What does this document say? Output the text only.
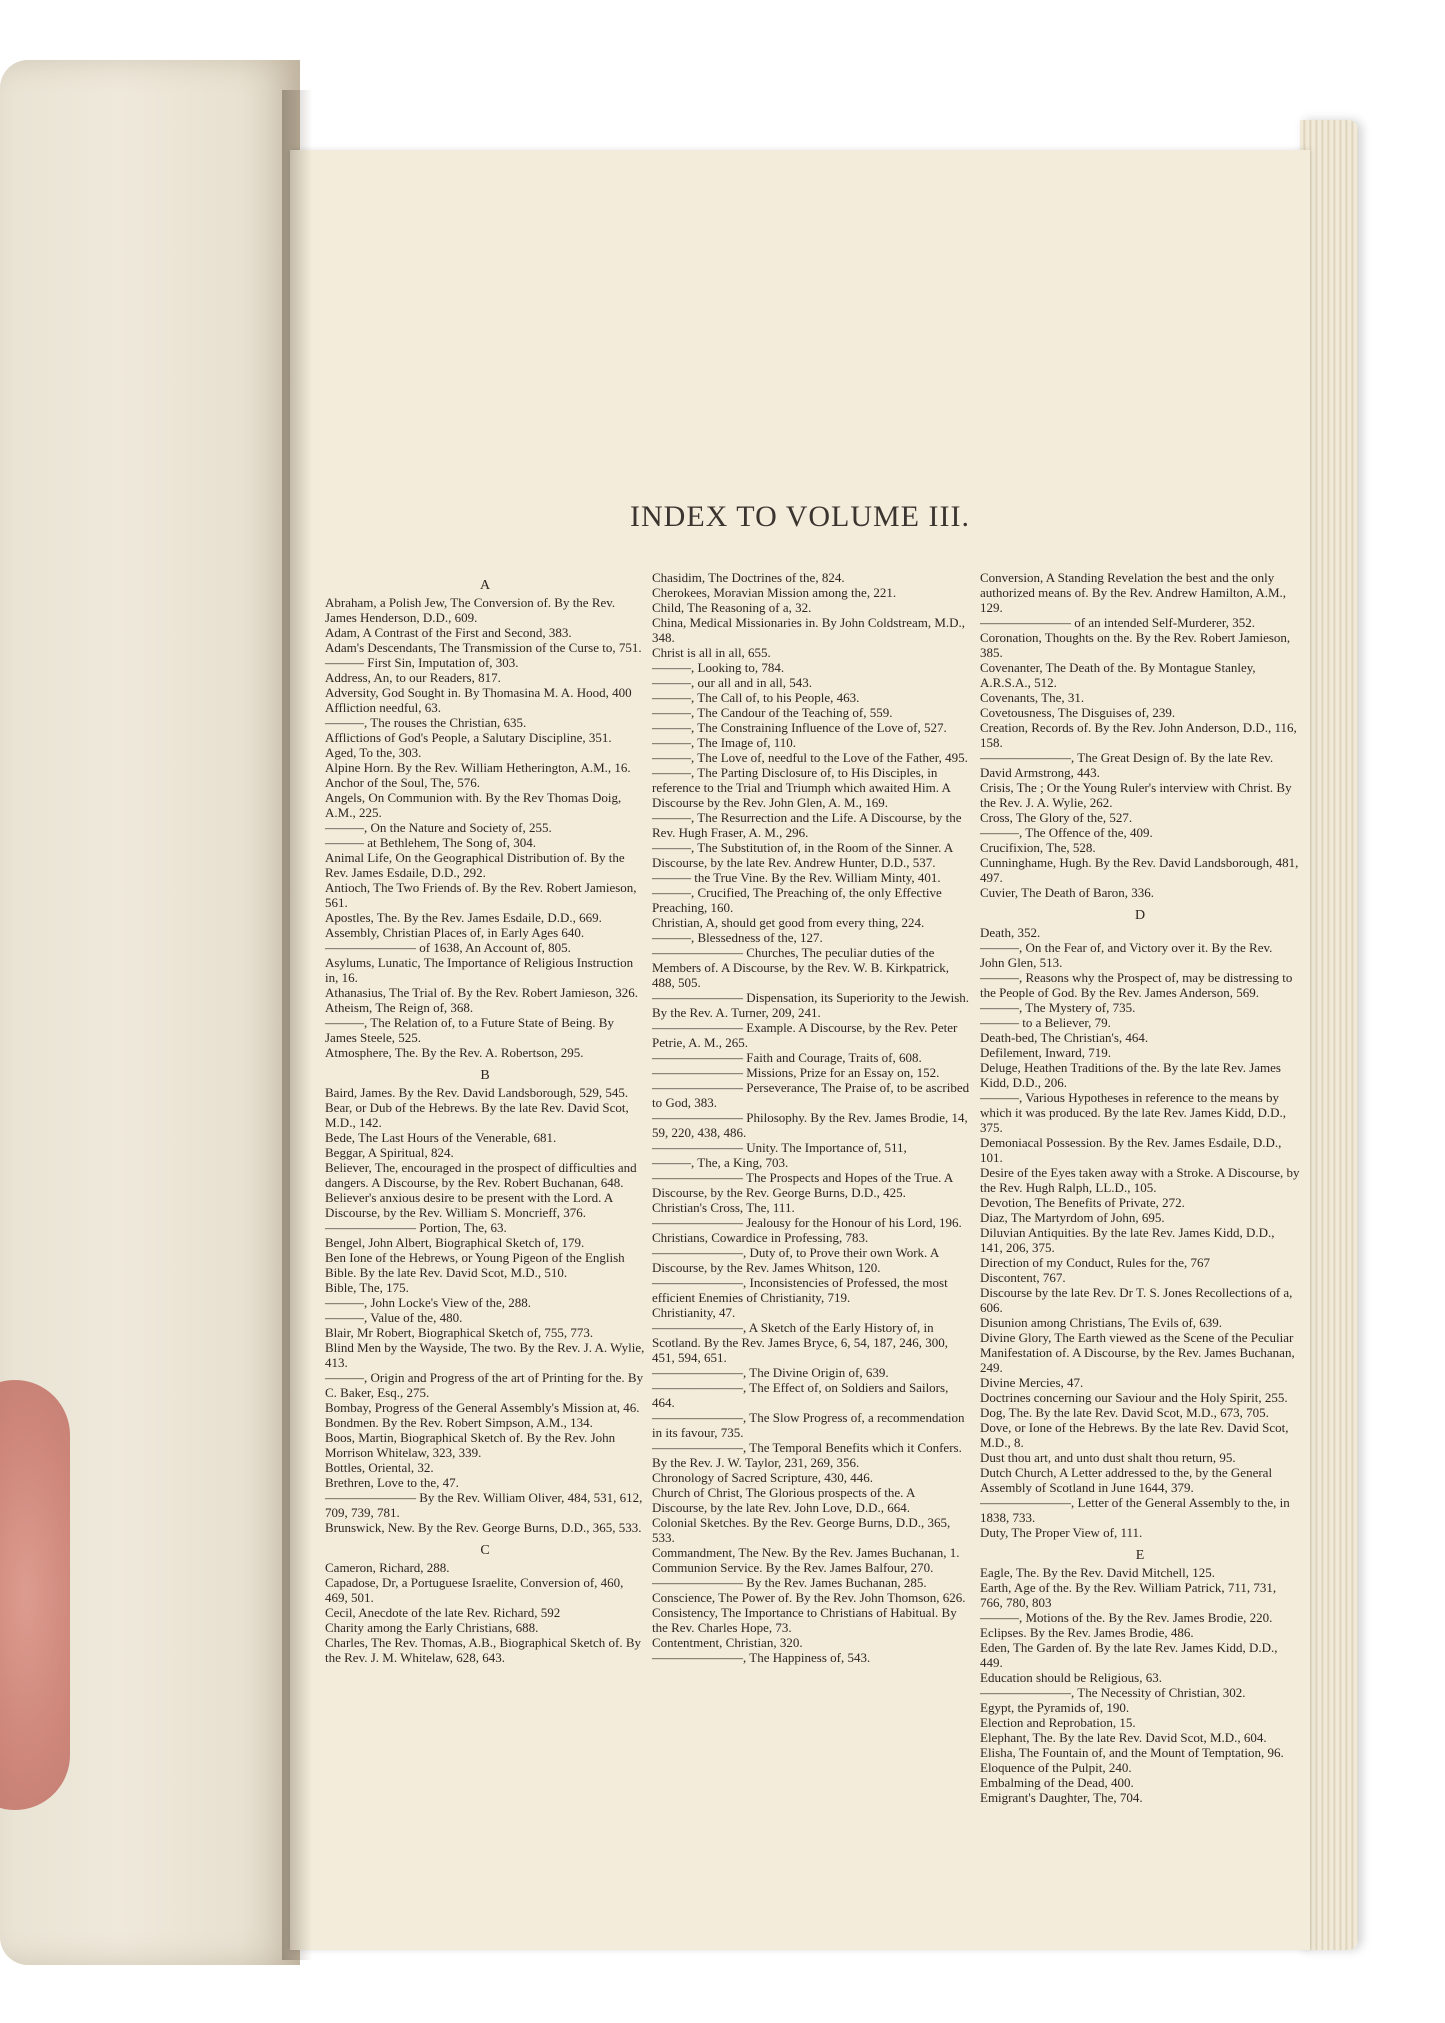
INDEX TO VOLUME III.
A
Abraham, a Polish Jew, The Conversion of. By the Rev. James Henderson, D.D., 609.
Adam, A Contrast of the First and Second, 383.
Adam's Descendants, The Transmission of the Curse to, 751.
——— First Sin, Imputation of, 303.
Address, An, to our Readers, 817.
Adversity, God Sought in. By Thomasina M. A. Hood, 400
Affliction needful, 63.
———, The rouses the Christian, 635.
Afflictions of God's People, a Salutary Discipline, 351.
Aged, To the, 303.
Alpine Horn. By the Rev. William Hetherington, A.M., 16.
Anchor of the Soul, The, 576.
Angels, On Communion with. By the Rev Thomas Doig, A.M., 225.
———, On the Nature and Society of, 255.
——— at Bethlehem, The Song of, 304.
Animal Life, On the Geographical Distribution of. By the Rev. James Esdaile, D.D., 292.
Antioch, The Two Friends of. By the Rev. Robert Jamieson, 561.
Apostles, The. By the Rev. James Esdaile, D.D., 669.
Assembly, Christian Places of, in Early Ages 640.
——————— of 1638, An Account of, 805.
Asylums, Lunatic, The Importance of Religious Instruction in, 16.
Athanasius, The Trial of. By the Rev. Robert Jamieson, 326.
Atheism, The Reign of, 368.
———, The Relation of, to a Future State of Being. By James Steele, 525.
Atmosphere, The. By the Rev. A. Robertson, 295.
B
Baird, James. By the Rev. David Landsborough, 529, 545.
Bear, or Dub of the Hebrews. By the late Rev. David Scot, M.D., 142.
Bede, The Last Hours of the Venerable, 681.
Beggar, A Spiritual, 824.
Believer, The, encouraged in the prospect of difficulties and dangers. A Discourse, by the Rev. Robert Buchanan, 648.
Believer's anxious desire to be present with the Lord. A Discourse, by the Rev. William S. Moncrieff, 376.
——————— Portion, The, 63.
Bengel, John Albert, Biographical Sketch of, 179.
Ben Ione of the Hebrews, or Young Pigeon of the English Bible. By the late Rev. David Scot, M.D., 510.
Bible, The, 175.
———, John Locke's View of the, 288.
———, Value of the, 480.
Blair, Mr Robert, Biographical Sketch of, 755, 773.
Blind Men by the Wayside, The two. By the Rev. J. A. Wylie, 413.
———, Origin and Progress of the art of Printing for the. By C. Baker, Esq., 275.
Bombay, Progress of the General Assembly's Mission at, 46.
Bondmen. By the Rev. Robert Simpson, A.M., 134.
Boos, Martin, Biographical Sketch of. By the Rev. John Morrison Whitelaw, 323, 339.
Bottles, Oriental, 32.
Brethren, Love to the, 47.
——————— By the Rev. William Oliver, 484, 531, 612, 709, 739, 781.
Brunswick, New. By the Rev. George Burns, D.D., 365, 533.
C
Cameron, Richard, 288.
Capadose, Dr, a Portuguese Israelite, Conversion of, 460, 469, 501.
Cecil, Anecdote of the late Rev. Richard, 592
Charity among the Early Christians, 688.
Charles, The Rev. Thomas, A.B., Biographical Sketch of. By the Rev. J. M. Whitelaw, 628, 643.
Chasidim, The Doctrines of the, 824.
Cherokees, Moravian Mission among the, 221.
Child, The Reasoning of a, 32.
China, Medical Missionaries in. By John Coldstream, M.D., 348.
Christ is all in all, 655.
———, Looking to, 784.
———, our all and in all, 543.
———, The Call of, to his People, 463.
———, The Candour of the Teaching of, 559.
———, The Constraining Influence of the Love of, 527.
———, The Image of, 110.
———, The Love of, needful to the Love of the Father, 495.
———, The Parting Disclosure of, to His Disciples, in reference to the Trial and Triumph which awaited Him. A Discourse by the Rev. John Glen, A. M., 169.
———, The Resurrection and the Life. A Discourse, by the Rev. Hugh Fraser, A. M., 296.
———, The Substitution of, in the Room of the Sinner. A Discourse, by the late Rev. Andrew Hunter, D.D., 537.
——— the True Vine. By the Rev. William Minty, 401.
———, Crucified, The Preaching of, the only Effective Preaching, 160.
Christian, A, should get good from every thing, 224.
———, Blessedness of the, 127.
——————— Churches, The peculiar duties of the Members of. A Discourse, by the Rev. W. B. Kirkpatrick, 488, 505.
——————— Dispensation, its Superiority to the Jewish. By the Rev. A. Turner, 209, 241.
——————— Example. A Discourse, by the Rev. Peter Petrie, A. M., 265.
——————— Faith and Courage, Traits of, 608.
——————— Missions, Prize for an Essay on, 152.
——————— Perseverance, The Praise of, to be ascribed to God, 383.
——————— Philosophy. By the Rev. James Brodie, 14, 59, 220, 438, 486.
——————— Unity. The Importance of, 511,
———, The, a King, 703.
——————— The Prospects and Hopes of the True. A Discourse, by the Rev. George Burns, D.D., 425.
Christian's Cross, The, 111.
——————— Jealousy for the Honour of his Lord, 196.
Christians, Cowardice in Professing, 783.
———————, Duty of, to Prove their own Work. A Discourse, by the Rev. James Whitson, 120.
———————, Inconsistencies of Professed, the most efficient Enemies of Christianity, 719.
Christianity, 47.
———————, A Sketch of the Early History of, in Scotland. By the Rev. James Bryce, 6, 54, 187, 246, 300, 451, 594, 651.
———————, The Divine Origin of, 639.
———————, The Effect of, on Soldiers and Sailors, 464.
———————, The Slow Progress of, a recommendation in its favour, 735.
———————, The Temporal Benefits which it Confers. By the Rev. J. W. Taylor, 231, 269, 356.
Chronology of Sacred Scripture, 430, 446.
Church of Christ, The Glorious prospects of the. A Discourse, by the late Rev. John Love, D.D., 664.
Colonial Sketches. By the Rev. George Burns, D.D., 365, 533.
Commandment, The New. By the Rev. James Buchanan, 1.
Communion Service. By the Rev. James Balfour, 270.
——————— By the Rev. James Buchanan, 285.
Conscience, The Power of. By the Rev. John Thomson, 626.
Consistency, The Importance to Christians of Habitual. By the Rev. Charles Hope, 73.
Contentment, Christian, 320.
———————, The Happiness of, 543.
Conversion, A Standing Revelation the best and the only authorized means of. By the Rev. Andrew Hamilton, A.M., 129.
——————— of an intended Self-Murderer, 352.
Coronation, Thoughts on the. By the Rev. Robert Jamieson, 385.
Covenanter, The Death of the. By Montague Stanley, A.R.S.A., 512.
Covenants, The, 31.
Covetousness, The Disguises of, 239.
Creation, Records of. By the Rev. John Anderson, D.D., 116, 158.
———————, The Great Design of. By the late Rev. David Armstrong, 443.
Crisis, The ; Or the Young Ruler's interview with Christ. By the Rev. J. A. Wylie, 262.
Cross, The Glory of the, 527.
———, The Offence of the, 409.
Crucifixion, The, 528.
Cunninghame, Hugh. By the Rev. David Landsborough, 481, 497.
Cuvier, The Death of Baron, 336.
D
Death, 352.
———, On the Fear of, and Victory over it. By the Rev. John Glen, 513.
———, Reasons why the Prospect of, may be distressing to the People of God. By the Rev. James Anderson, 569.
———, The Mystery of, 735.
——— to a Believer, 79.
Death-bed, The Christian's, 464.
Defilement, Inward, 719.
Deluge, Heathen Traditions of the. By the late Rev. James Kidd, D.D., 206.
———, Various Hypotheses in reference to the means by which it was produced. By the late Rev. James Kidd, D.D., 375.
Demoniacal Possession. By the Rev. James Esdaile, D.D., 101.
Desire of the Eyes taken away with a Stroke. A Discourse, by the Rev. Hugh Ralph, LL.D., 105.
Devotion, The Benefits of Private, 272.
Diaz, The Martyrdom of John, 695.
Diluvian Antiquities. By the late Rev. James Kidd, D.D., 141, 206, 375.
Direction of my Conduct, Rules for the, 767
Discontent, 767.
Discourse by the late Rev. Dr T. S. Jones Recollections of a, 606.
Disunion among Christians, The Evils of, 639.
Divine Glory, The Earth viewed as the Scene of the Peculiar Manifestation of. A Discourse, by the Rev. James Buchanan, 249.
Divine Mercies, 47.
Doctrines concerning our Saviour and the Holy Spirit, 255.
Dog, The. By the late Rev. David Scot, M.D., 673, 705.
Dove, or Ione of the Hebrews. By the late Rev. David Scot, M.D., 8.
Dust thou art, and unto dust shalt thou return, 95.
Dutch Church, A Letter addressed to the, by the General Assembly of Scotland in June 1644, 379.
———————, Letter of the General Assembly to the, in 1838, 733.
Duty, The Proper View of, 111.
E
Eagle, The. By the Rev. David Mitchell, 125.
Earth, Age of the. By the Rev. William Patrick, 711, 731, 766, 780, 803
———, Motions of the. By the Rev. James Brodie, 220.
Eclipses. By the Rev. James Brodie, 486.
Eden, The Garden of. By the late Rev. James Kidd, D.D., 449.
Education should be Religious, 63.
———————, The Necessity of Christian, 302.
Egypt, the Pyramids of, 190.
Election and Reprobation, 15.
Elephant, The. By the late Rev. David Scot, M.D., 604.
Elisha, The Fountain of, and the Mount of Temptation, 96.
Eloquence of the Pulpit, 240.
Embalming of the Dead, 400.
Emigrant's Daughter, The, 704.
